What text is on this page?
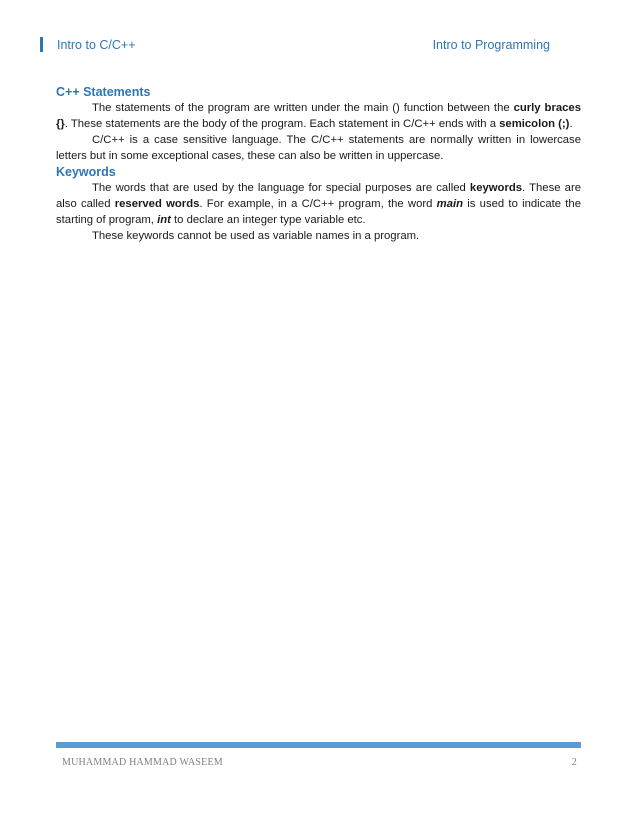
Intro to C/C++	Intro to Programming
C++ Statements

The statements of the program are written under the main () function between the curly braces {}. These statements are the body of the program. Each statement in C/C++ ends with a semicolon (;).

C/C++ is a case sensitive language. The C/C++ statements are normally written in lowercase letters but in some exceptional cases, these can also be written in uppercase.

Keywords

The words that are used by the language for special purposes are called keywords. These are also called reserved words. For example, in a C/C++ program, the word main is used to indicate the starting of program, int to declare an integer type variable etc.

These keywords cannot be used as variable names in a program.

MUHAMMAD HAMMAD WASEEM	2
